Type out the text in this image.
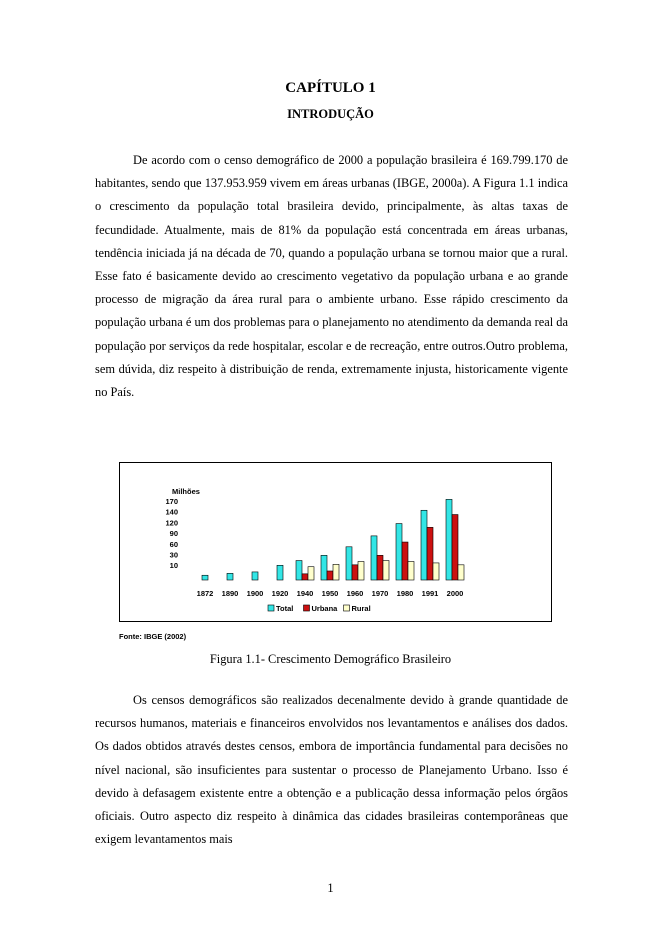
CAPÍTULO 1
INTRODUÇÃO

De acordo com o censo demográfico de 2000 a população brasileira é 169.799.170 de habitantes, sendo que 137.953.959 vivem em áreas urbanas (IBGE, 2000a). A Figura 1.1 indica o crescimento da população total brasileira devido, principalmente, às altas taxas de fecundidade. Atualmente, mais de 81% da população está concentrada em áreas urbanas, tendência iniciada já na década de 70, quando a população urbana se tornou maior que a rural. Esse fato é basicamente devido ao crescimento vegetativo da população urbana e ao grande processo de migração da área rural para o ambiente urbano. Esse rápido crescimento da população urbana é um dos problemas para o planejamento no atendimento da demanda real da população por serviços da rede hospitalar, escolar e de recreação, entre outros.Outro problema, sem dúvida, diz respeito à distribuição de renda, extremamente injusta, historicamente vigente no País.

Milhões
170
140
120
90
60
30
10
1872 1890 1900 1920 1940 1950 1960 1970 1980 1991 2000
Total Urbana Rural
Fonte: IBGE (2002)
Figura 1.1- Crescimento Demográfico Brasileiro

Os censos demográficos são realizados decenalmente devido à grande quantidade de recursos humanos, materiais e financeiros envolvidos nos levantamentos e análises dos dados. Os dados obtidos através destes censos, embora de importância fundamental para decisões no nível nacional, são insuficientes para sustentar o processo de Planejamento Urbano. Isso é devido à defasagem existente entre a obtenção e a publicação dessa informação pelos órgãos oficiais. Outro aspecto diz respeito à dinâmica das cidades brasileiras contemporâneas que exigem levantamentos mais

1
